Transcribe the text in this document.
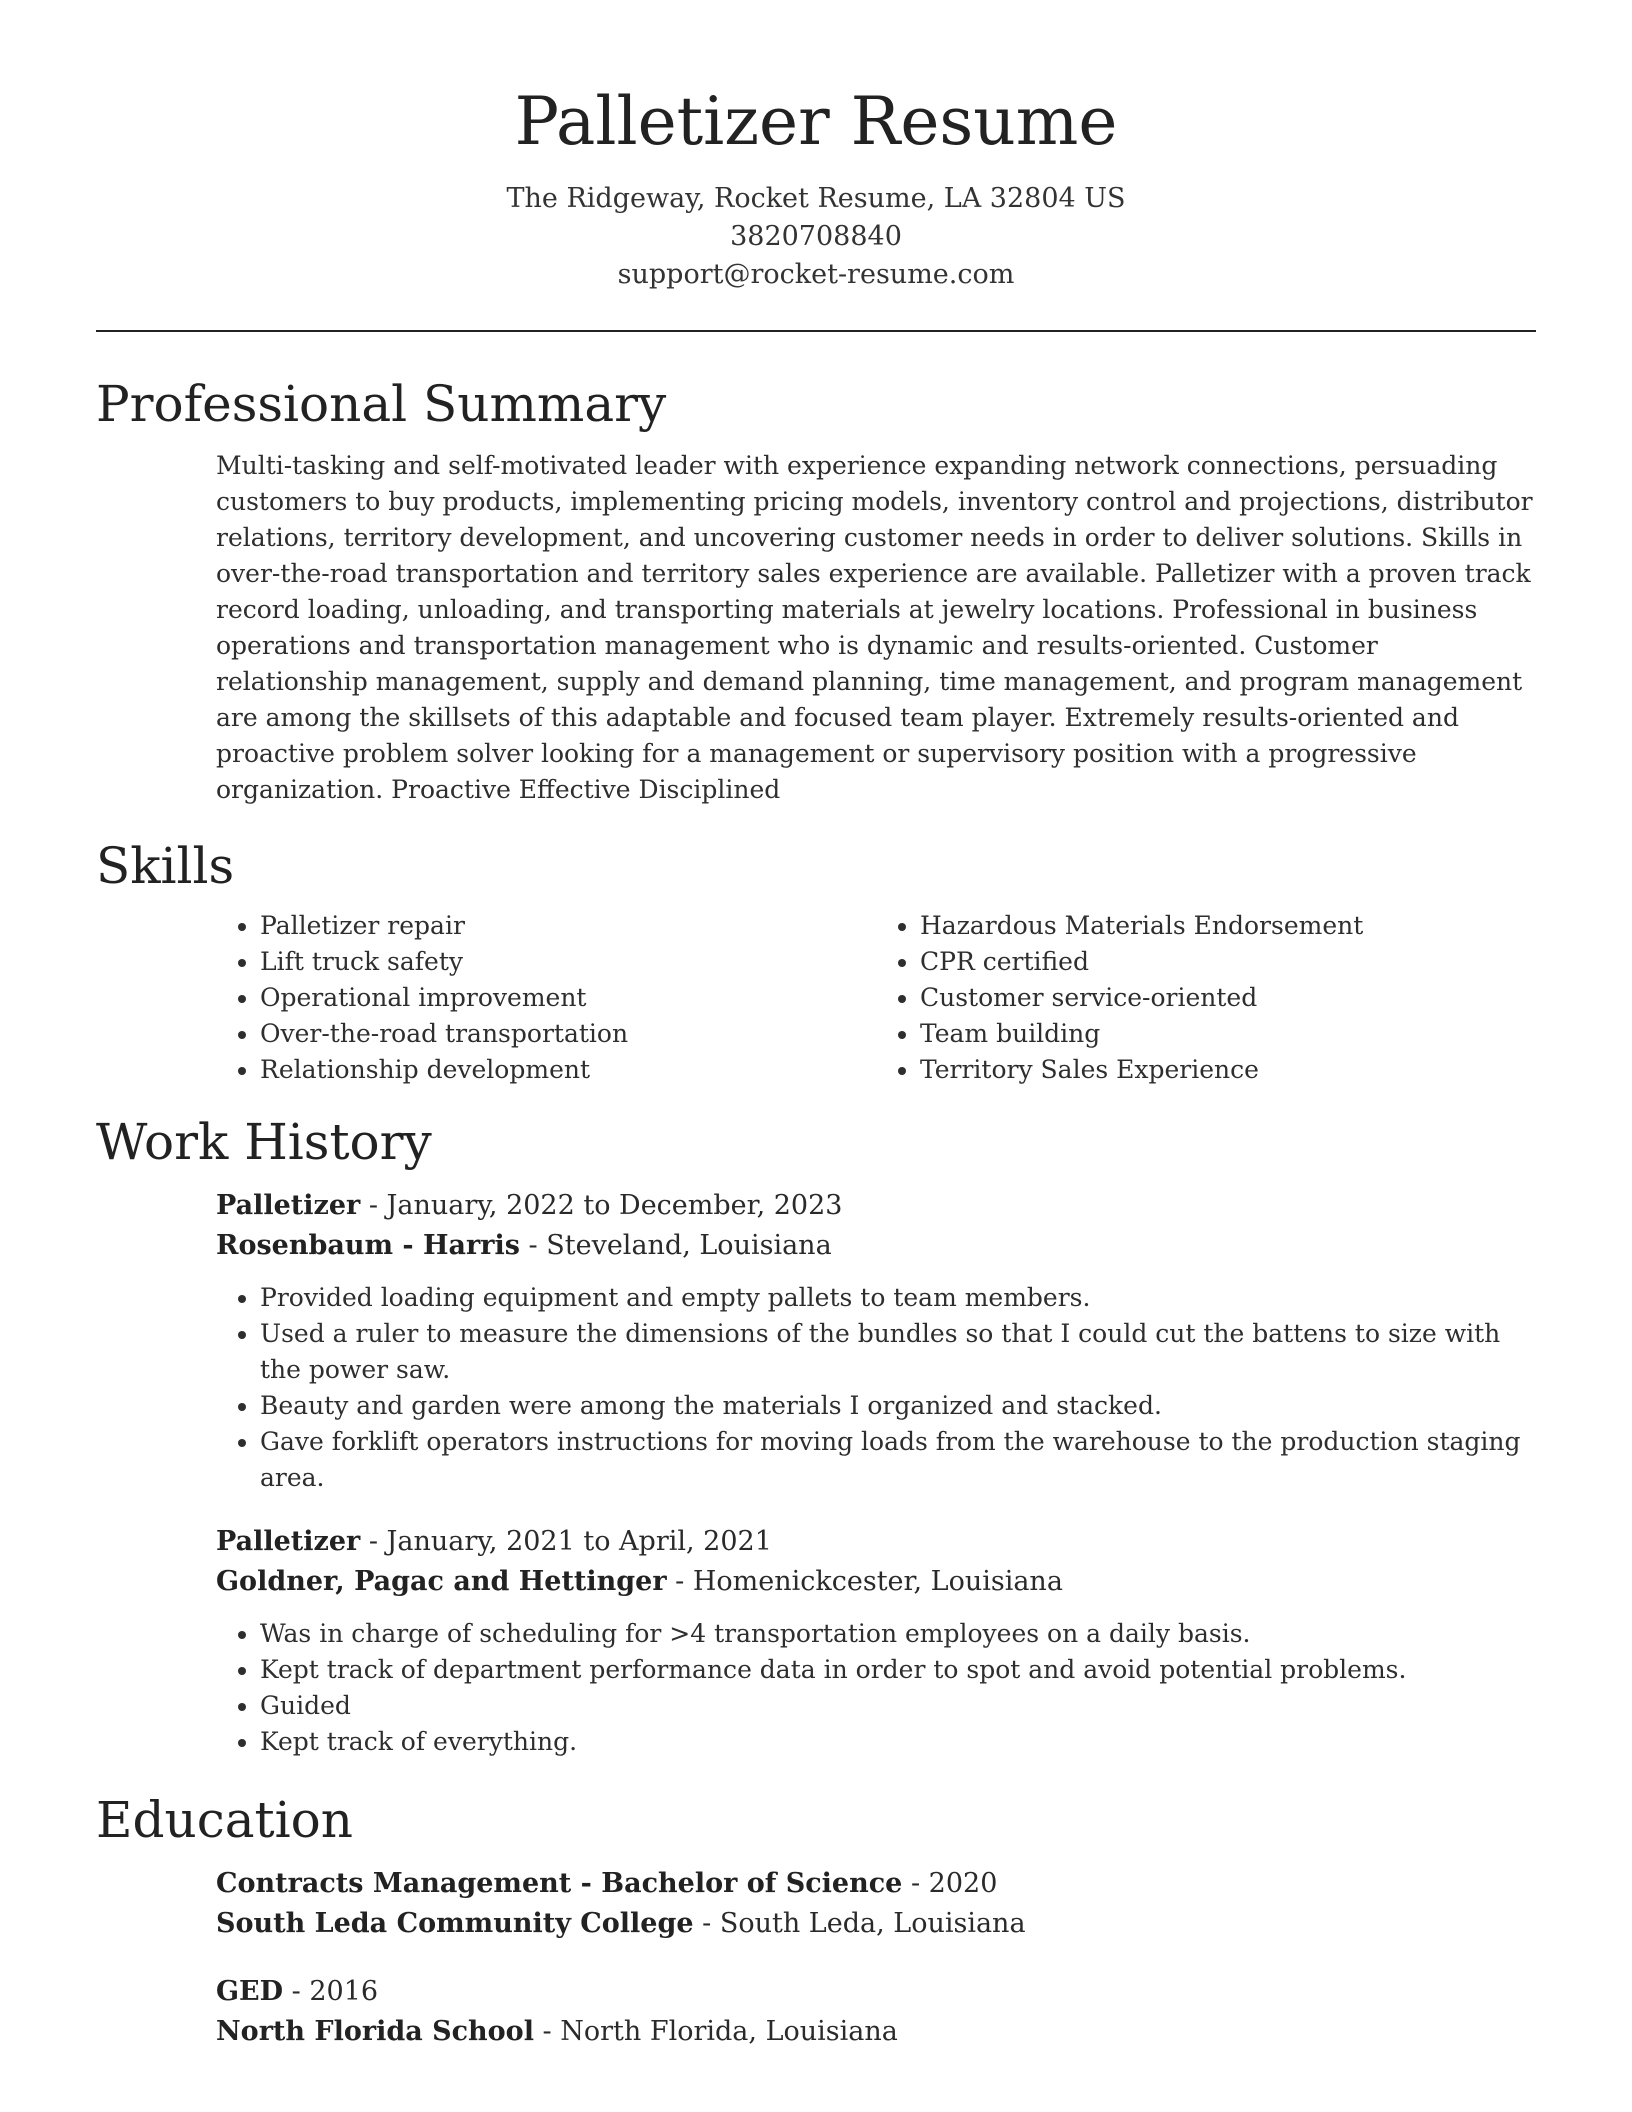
Palletizer Resume
The Ridgeway, Rocket Resume, LA 32804 US
3820708840
support@rocket-resume.com
Professional Summary

Multi-tasking and self-motivated leader with experience expanding network connections, persuading customers to buy products, implementing pricing models, inventory control and projections, distributor relations, territory development, and uncovering customer needs in order to deliver solutions. Skills in over-the-road transportation and territory sales experience are available. Palletizer with a proven track record loading, unloading, and transporting materials at jewelry locations. Professional in business operations and transportation management who is dynamic and results-oriented. Customer relationship management, supply and demand planning, time management, and program management are among the skillsets of this adaptable and focused team player. Extremely results-oriented and proactive problem solver looking for a management or supervisory position with a progressive organization. Proactive Effective Disciplined

Skills
• Palletizer repair
• Lift truck safety
• Operational improvement
• Over-the-road transportation
• Relationship development
• Hazardous Materials Endorsement
• CPR certified
• Customer service-oriented
• Team building
• Territory Sales Experience
Work History
Palletizer - January, 2022 to December, 2023
Rosenbaum - Harris - Steveland, Louisiana
• Provided loading equipment and empty pallets to team members.
• Used a ruler to measure the dimensions of the bundles so that I could cut the battens to size with the power saw.
• Beauty and garden were among the materials I organized and stacked.
• Gave forklift operators instructions for moving loads from the warehouse to the production staging area.
Palletizer - January, 2021 to April, 2021
Goldner, Pagac and Hettinger - Homenickcester, Louisiana
• Was in charge of scheduling for >4 transportation employees on a daily basis.
• Kept track of department performance data in order to spot and avoid potential problems.
• Guided
• Kept track of everything.
Education
Contracts Management - Bachelor of Science - 2020
South Leda Community College - South Leda, Louisiana
GED - 2016
North Florida School - North Florida, Louisiana
